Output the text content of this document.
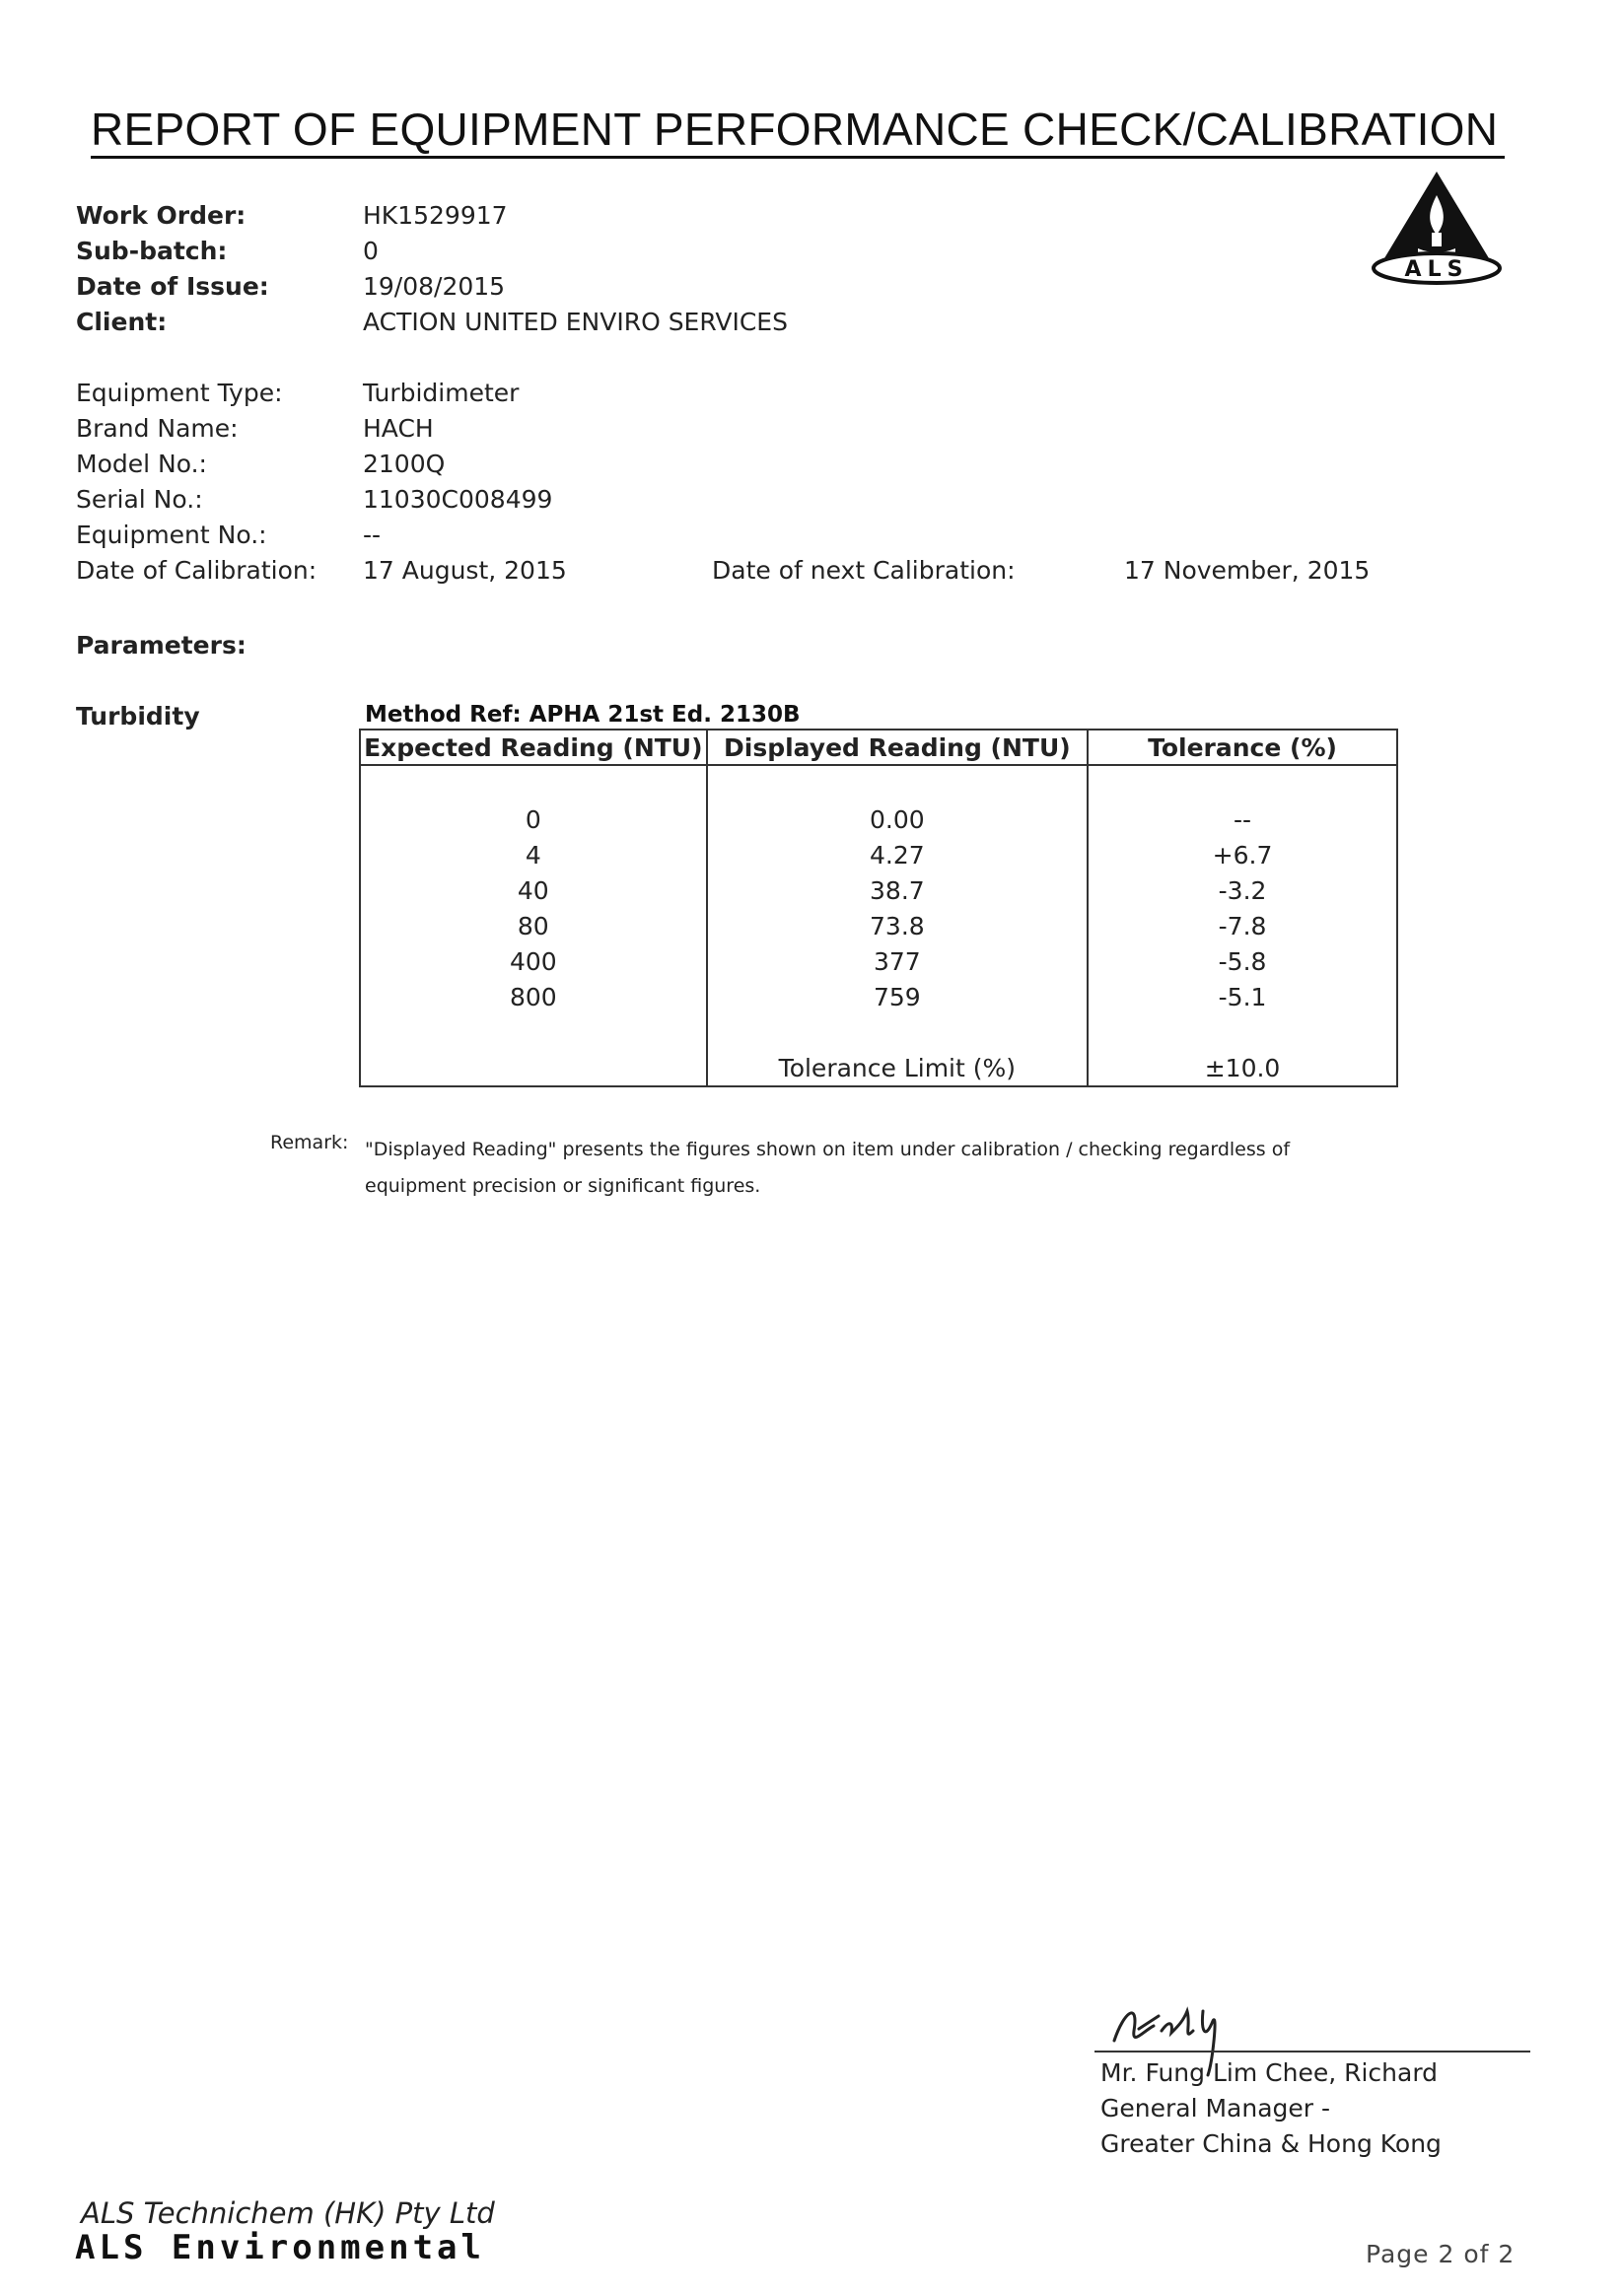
REPORT OF EQUIPMENT PERFORMANCE CHECK/CALIBRATION
ALS
Work Order:	HK1529917
Sub-batch:	0
Date of Issue:	19/08/2015
Client:	ACTION UNITED ENVIRO SERVICES
Equipment Type:	Turbidimeter
Brand Name:	HACH
Model No.:	2100Q
Serial No.:	11030C008499
Equipment No.:	--
Date of Calibration: 17 August, 2015	Date of next Calibration:	17 November, 2015
Parameters:
Turbidity	Method Ref: APHA 21st Ed. 2130B
Expected Reading (NTU)	Displayed Reading (NTU)	Tolerance (%)

0	0.00	--
4	4.27	+6.7
40	38.7	-3.2
80	73.8	-7.8
400	377	-5.8
800	759	-5.1

	Tolerance Limit (%)	±10.0
Remark: "Displayed Reading" presents the figures shown on item under calibration / checking regardless of equipment precision or significant figures.
Mr. Fung Lim Chee, Richard
General Manager -
Greater China & Hong Kong
ALS Technichem (HK) Pty Ltd
ALS Environmental	Page 2 of 2
